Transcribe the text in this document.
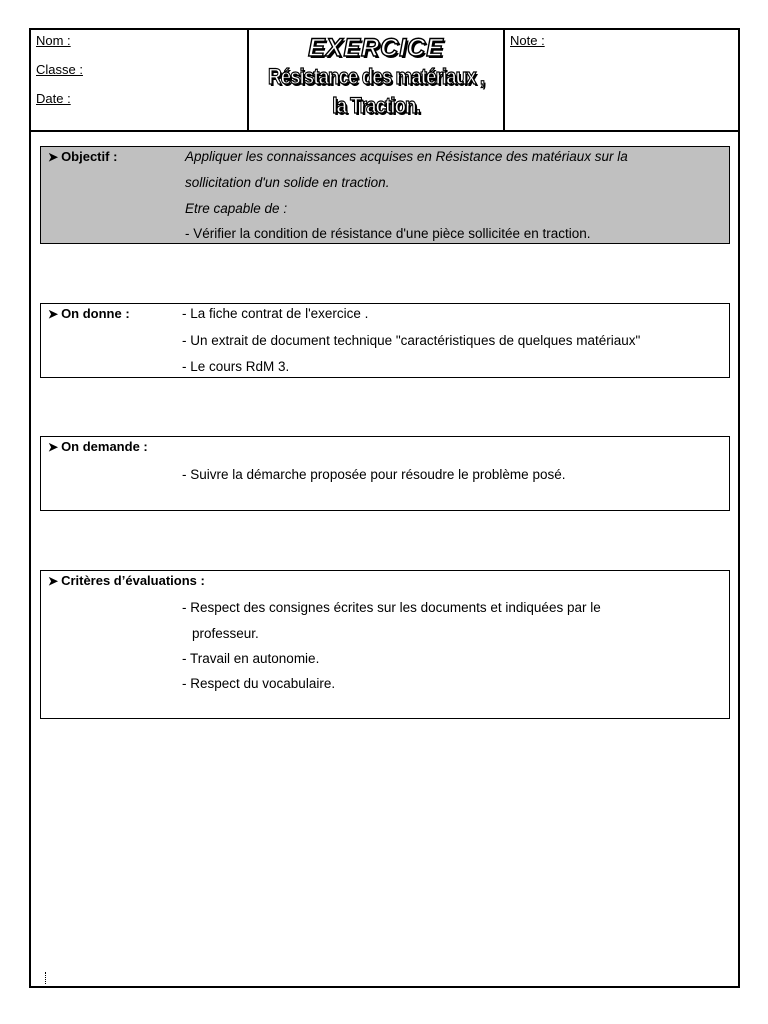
Nom :
Classe :
Date :
EXERCICE
Résistance des matériaux ,
la Traction.
Note :
➤ Objectif :	Appliquer les connaissances acquises en Résistance des matériaux sur la
sollicitation d'un solide en traction.
Etre capable de :
- Vérifier la condition de résistance d'une pièce sollicitée en traction.
➤ On donne :	- La fiche contrat de l'exercice .
- Un extrait de document technique "caractéristiques de quelques matériaux"
- Le cours RdM 3.
➤ On demande :
- Suivre la démarche proposée pour résoudre le problème posé.
➤ Critères d’évaluations :
- Respect des consignes écrites sur les documents et indiquées par le
professeur.
- Travail en autonomie.
- Respect du vocabulaire.
